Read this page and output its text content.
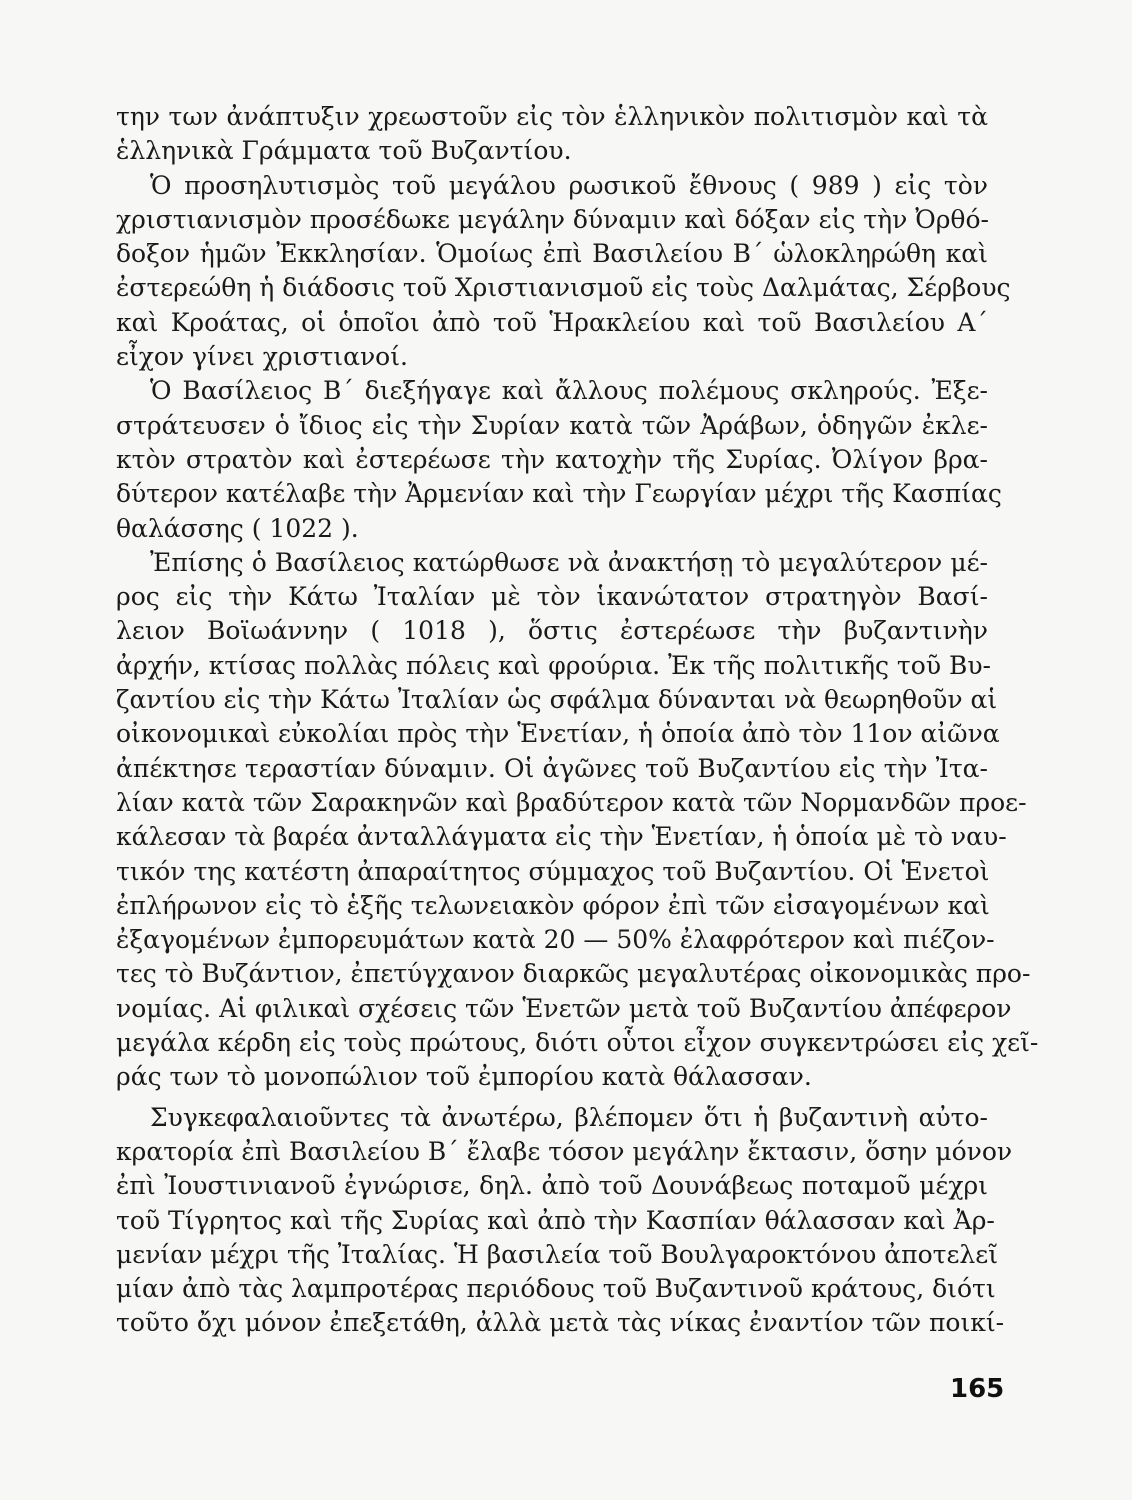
την των ἀνάπτυξιν χρεωστοῦν εἰς τὸν ἑλληνικὸν πολιτισμὸν καὶ τὰ
ἑλληνικὰ Γράμματα τοῦ Βυζαντίου.
Ὁ προσηλυτισμὸς τοῦ μεγάλου ρωσικοῦ ἔθνους ( 989 ) εἰς τὸν
χριστιανισμὸν προσέδωκε μεγάλην δύναμιν καὶ δόξαν εἰς τὴν Ὀρθό-
δοξον ἡμῶν Ἐκκλησίαν. Ὁμοίως ἐπὶ Βασιλείου Β΄ ὡλοκληρώθη καὶ
ἐστερεώθη ἡ διάδοσις τοῦ Χριστιανισμοῦ εἰς τοὺς Δαλμάτας, Σέρβους
καὶ Κροάτας, οἱ ὁποῖοι ἀπὸ τοῦ Ἡρακλείου καὶ τοῦ Βασιλείου Α΄
εἶχον γίνει χριστιανοί.
Ὁ Βασίλειος Β΄ διεξήγαγε καὶ ἄλλους πολέμους σκληρούς. Ἐξε-
στράτευσεν ὁ ἴδιος εἰς τὴν Συρίαν κατὰ τῶν Ἀράβων, ὁδηγῶν ἐκλε-
κτὸν στρατὸν καὶ ἐστερέωσε τὴν κατοχὴν τῆς Συρίας. Ὀλίγον βρα-
δύτερον κατέλαβε τὴν Ἀρμενίαν καὶ τὴν Γεωργίαν μέχρι τῆς Κασπίας
θαλάσσης ( 1022 ).
Ἐπίσης ὁ Βασίλειος κατώρθωσε νὰ ἀνακτήσῃ τὸ μεγαλύτερον μέ-
ρος εἰς τὴν Κάτω Ἰταλίαν μὲ τὸν ἱκανώτατον στρατηγὸν Βασί-
λειον Βοϊωάννην ( 1018 ), ὅστις ἐστερέωσε τὴν βυζαντινὴν
ἀρχήν, κτίσας πολλὰς πόλεις καὶ φρούρια. Ἐκ τῆς πολιτικῆς τοῦ Βυ-
ζαντίου εἰς τὴν Κάτω Ἰταλίαν ὡς σφάλμα δύνανται νὰ θεωρηθοῦν αἱ
οἰκονομικαὶ εὐκολίαι πρὸς τὴν Ἑνετίαν, ἡ ὁποία ἀπὸ τὸν 11ον αἰῶνα
ἀπέκτησε τεραστίαν δύναμιν. Οἱ ἀγῶνες τοῦ Βυζαντίου εἰς τὴν Ἰτα-
λίαν κατὰ τῶν Σαρακηνῶν καὶ βραδύτερον κατὰ τῶν Νορμανδῶν προε-
κάλεσαν τὰ βαρέα ἀνταλλάγματα εἰς τὴν Ἑνετίαν, ἡ ὁποία μὲ τὸ ναυ-
τικόν της κατέστη ἀπαραίτητος σύμμαχος τοῦ Βυζαντίου. Οἱ Ἑνετοὶ
ἐπλήρωνον εἰς τὸ ἑξῆς τελωνειακὸν φόρον ἐπὶ τῶν εἰσαγομένων καὶ
ἐξαγομένων ἐμπορευμάτων κατὰ 20 — 50% ἐλαφρότερον καὶ πιέζον-
τες τὸ Βυζάντιον, ἐπετύγχανον διαρκῶς μεγαλυτέρας οἰκονομικὰς προ-
νομίας. Αἱ φιλικαὶ σχέσεις τῶν Ἑνετῶν μετὰ τοῦ Βυζαντίου ἀπέφερον
μεγάλα κέρδη εἰς τοὺς πρώτους, διότι οὗτοι εἶχον συγκεντρώσει εἰς χεῖ-
ράς των τὸ μονοπώλιον τοῦ ἐμπορίου κατὰ θάλασσαν.
Συγκεφαλαιοῦντες τὰ ἀνωτέρω, βλέπομεν ὅτι ἡ βυζαντινὴ αὐτο-
κρατορία ἐπὶ Βασιλείου Β΄ ἔλαβε τόσον μεγάλην ἔκτασιν, ὅσην μόνον
ἐπὶ Ἰουστινιανοῦ ἐγνώρισε, δηλ. ἀπὸ τοῦ Δουνάβεως ποταμοῦ μέχρι
τοῦ Τίγρητος καὶ τῆς Συρίας καὶ ἀπὸ τὴν Κασπίαν θάλασσαν καὶ Ἀρ-
μενίαν μέχρι τῆς Ἰταλίας. Ἡ βασιλεία τοῦ Βουλγαροκτόνου ἀποτελεῖ
μίαν ἀπὸ τὰς λαμπροτέρας περιόδους τοῦ Βυζαντινοῦ κράτους, διότι
τοῦτο ὄχι μόνον ἐπεξετάθη, ἀλλὰ μετὰ τὰς νίκας ἐναντίον τῶν ποικί-
165
